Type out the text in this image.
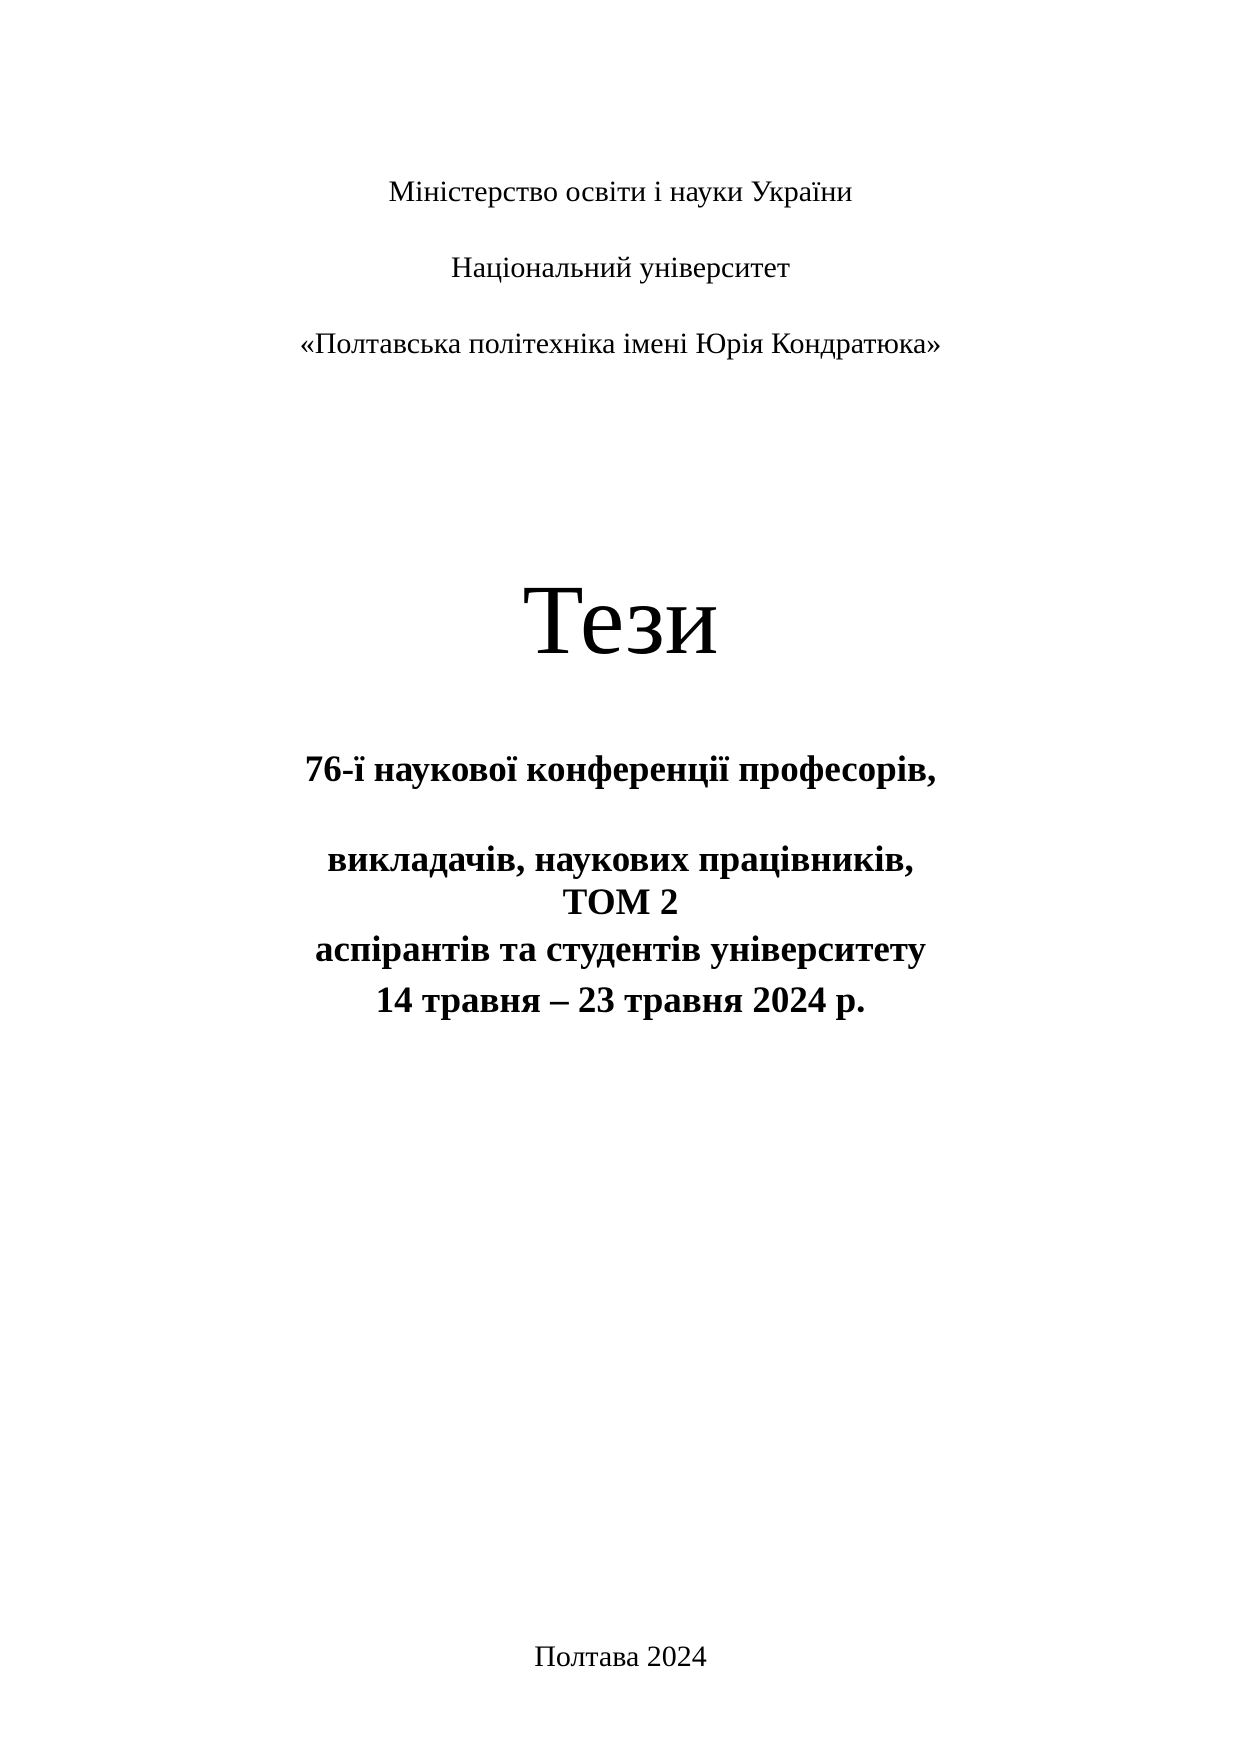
Міністерство освіти і науки України

Національний університет

«Полтавська політехніка імені Юрія Кондратюка»

Тези

76-ї наукової конференції професорів,

викладачів, наукових працівників,

аспірантів та студентів університету

ТОМ 2
14 травня – 23 травня 2024 р.
Полтава 2024
